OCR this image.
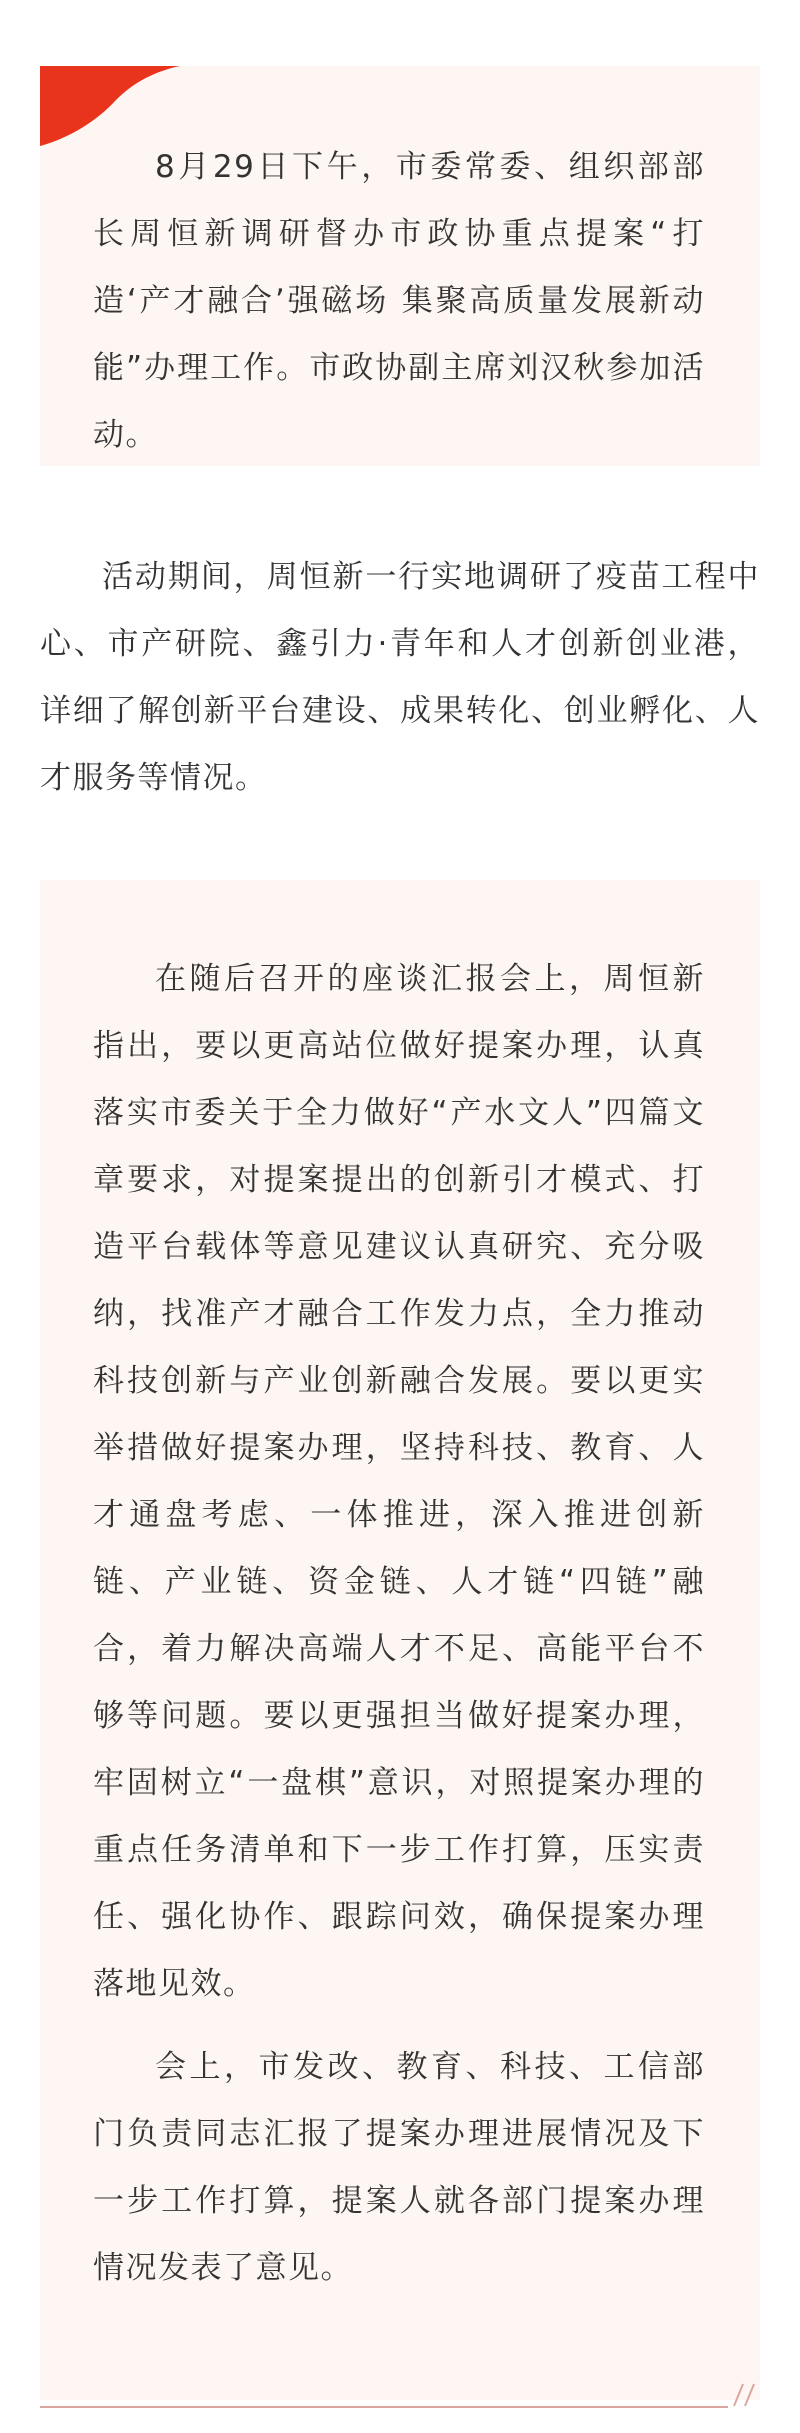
8月29日下午，市委常委、组织部部长周恒新调研督办市政协重点提案“打造‘产才融合’强磁场 集聚高质量发展新动能”办理工作。市政协副主席刘汉秋参加活动。

活动期间，周恒新一行实地调研了疫苗工程中心、市产研院、鑫引力·青年和人才创新创业港，详细了解创新平台建设、成果转化、创业孵化、人才服务等情况。

在随后召开的座谈汇报会上，周恒新指出，要以更高站位做好提案办理，认真落实市委关于全力做好“产水文人”四篇文章要求，对提案提出的创新引才模式、打造平台载体等意见建议认真研究、充分吸纳，找准产才融合工作发力点，全力推动科技创新与产业创新融合发展。要以更实举措做好提案办理，坚持科技、教育、人才通盘考虑、一体推进，深入推进创新链、产业链、资金链、人才链“四链”融合，着力解决高端人才不足、高能平台不够等问题。要以更强担当做好提案办理，牢固树立“一盘棋”意识，对照提案办理的重点任务清单和下一步工作打算，压实责任、强化协作、跟踪问效，确保提案办理落地见效。

会上，市发改、教育、科技、工信部门负责同志汇报了提案办理进展情况及下一步工作打算，提案人就各部门提案办理情况发表了意见。
